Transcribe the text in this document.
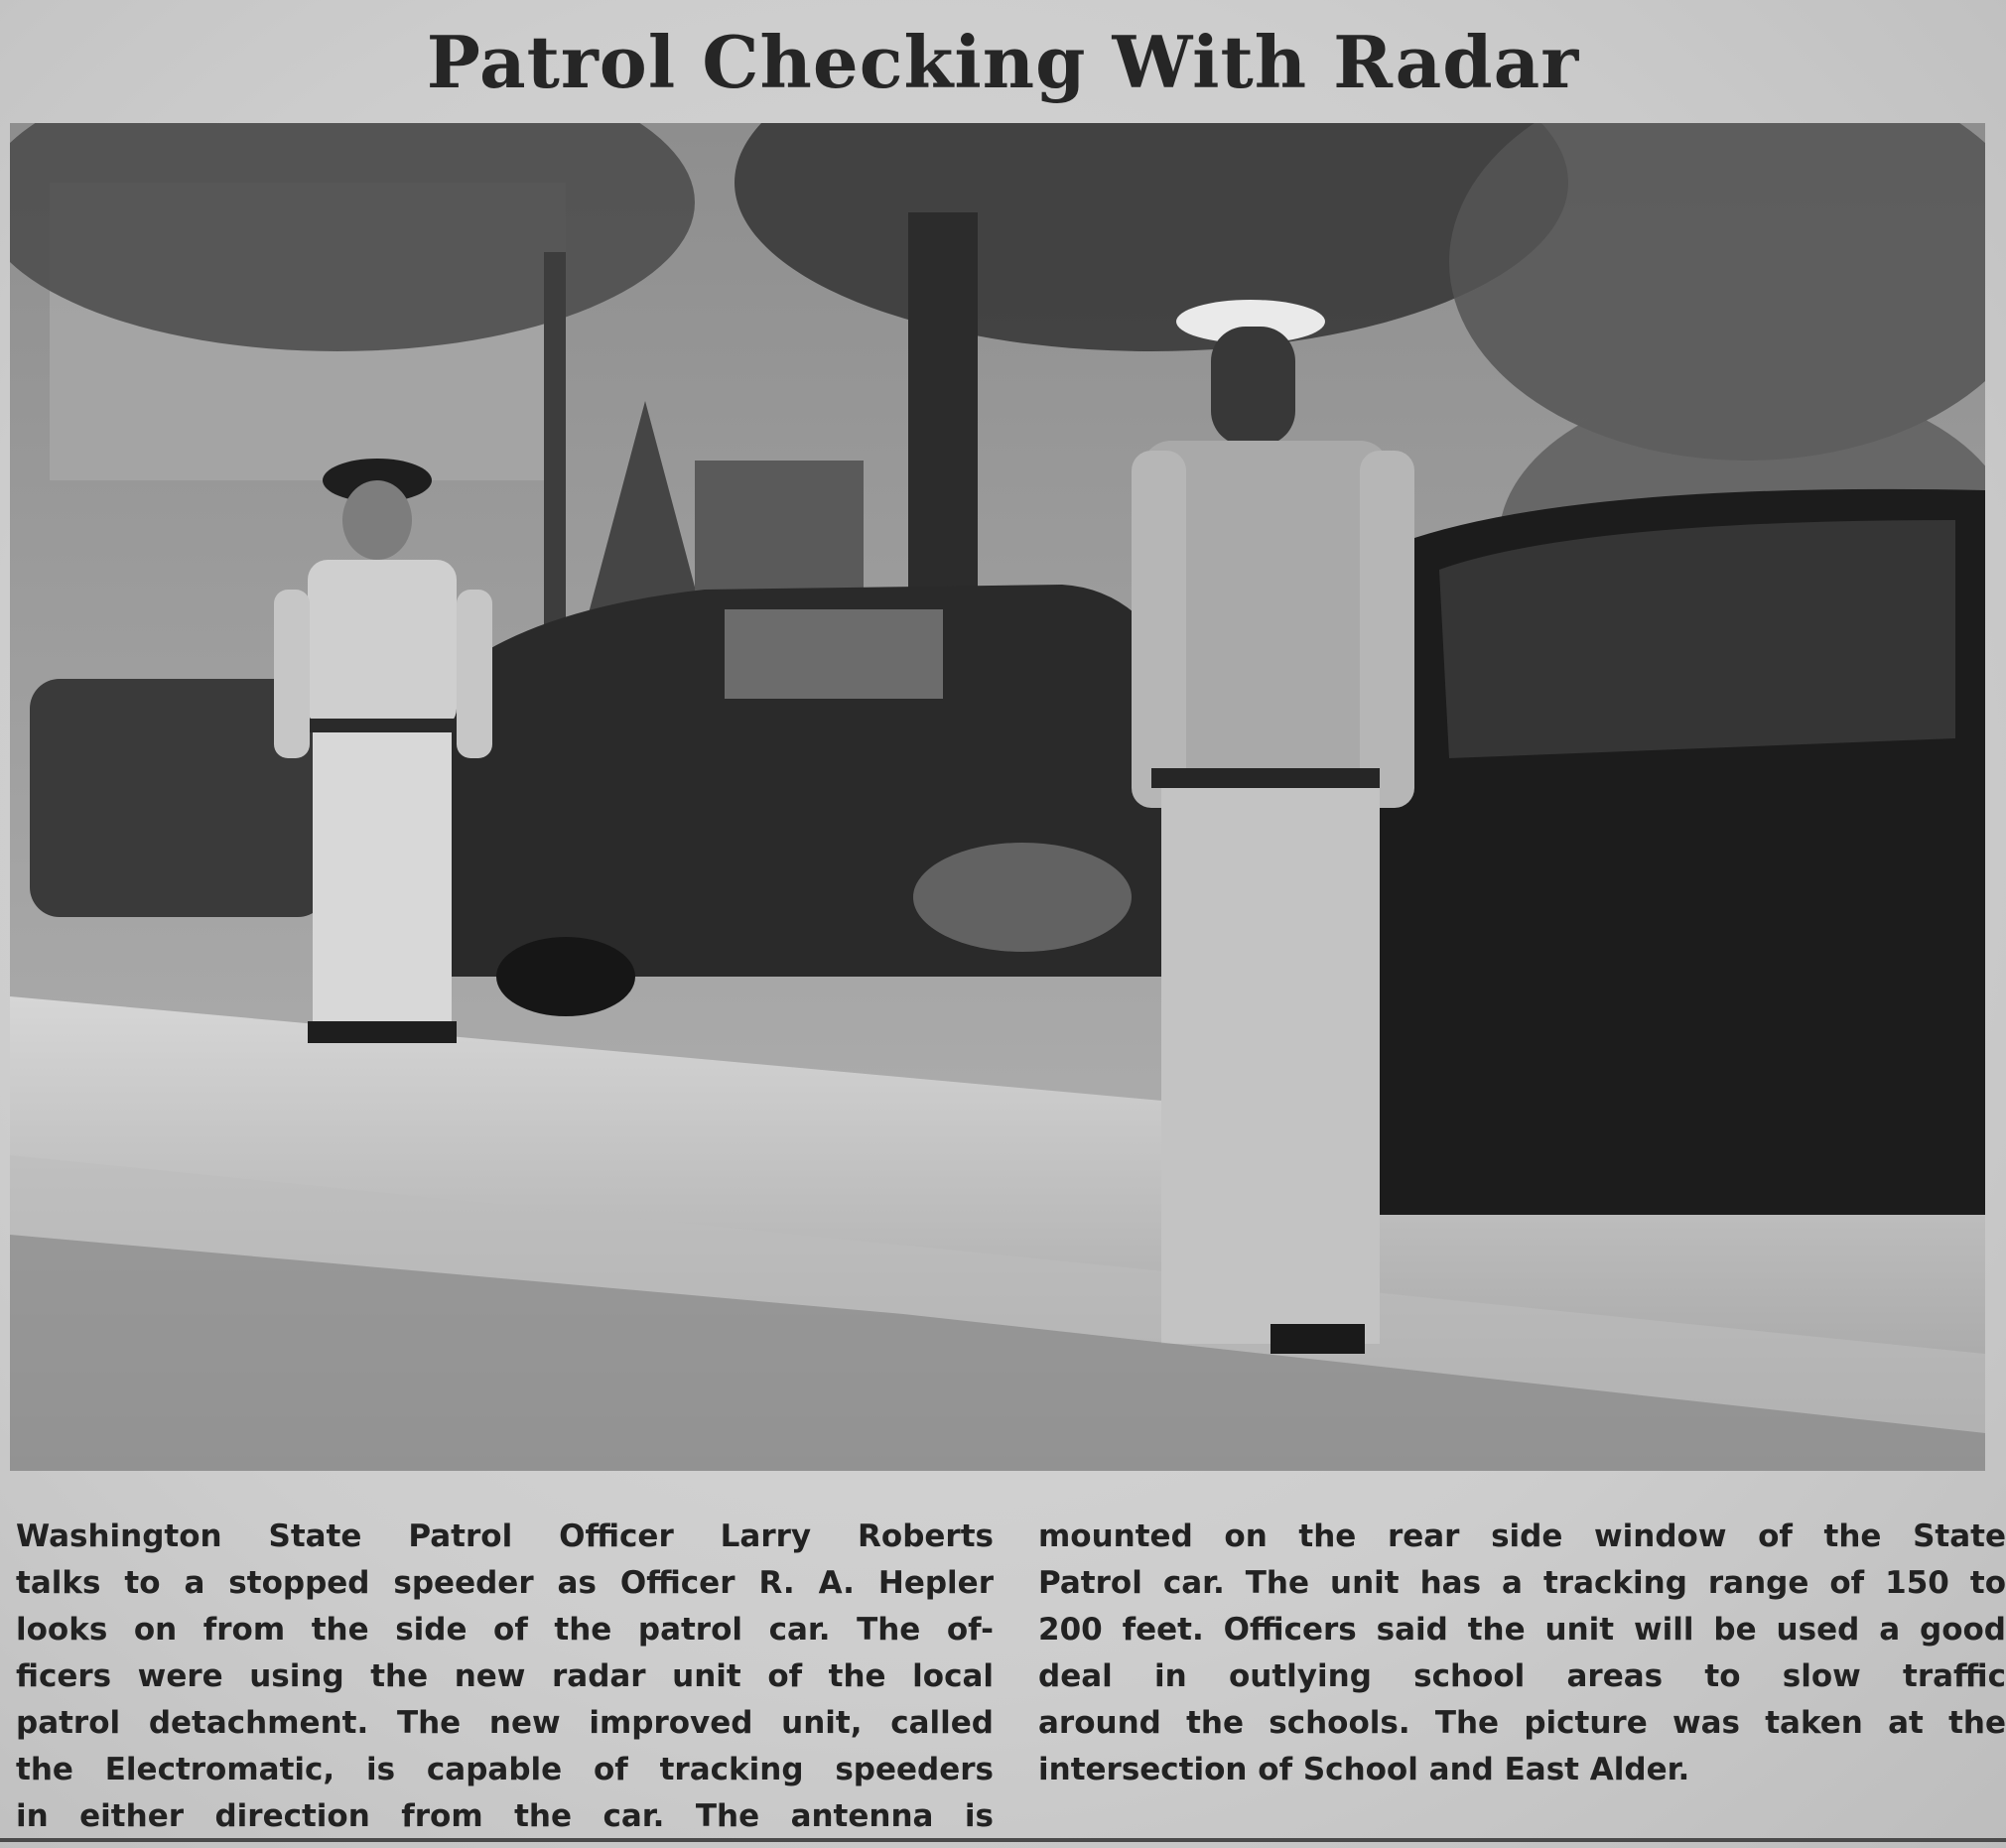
Patrol Checking With Radar
Washington State Patrol Officer Larry Roberts
talks to a stopped speeder as Officer R. A. Hepler
looks on from the side of the patrol car. The of-
ficers were using the new radar unit of the local
patrol detachment. The new improved unit, called
the Electromatic, is capable of tracking speeders
in either direction from the car. The antenna is
mounted on the rear side window of the State
Patrol car. The unit has a tracking range of 150 to
200 feet. Officers said the unit will be used a good
deal in outlying school areas to slow traffic
around the schools. The picture was taken at the
intersection of School and East Alder.
